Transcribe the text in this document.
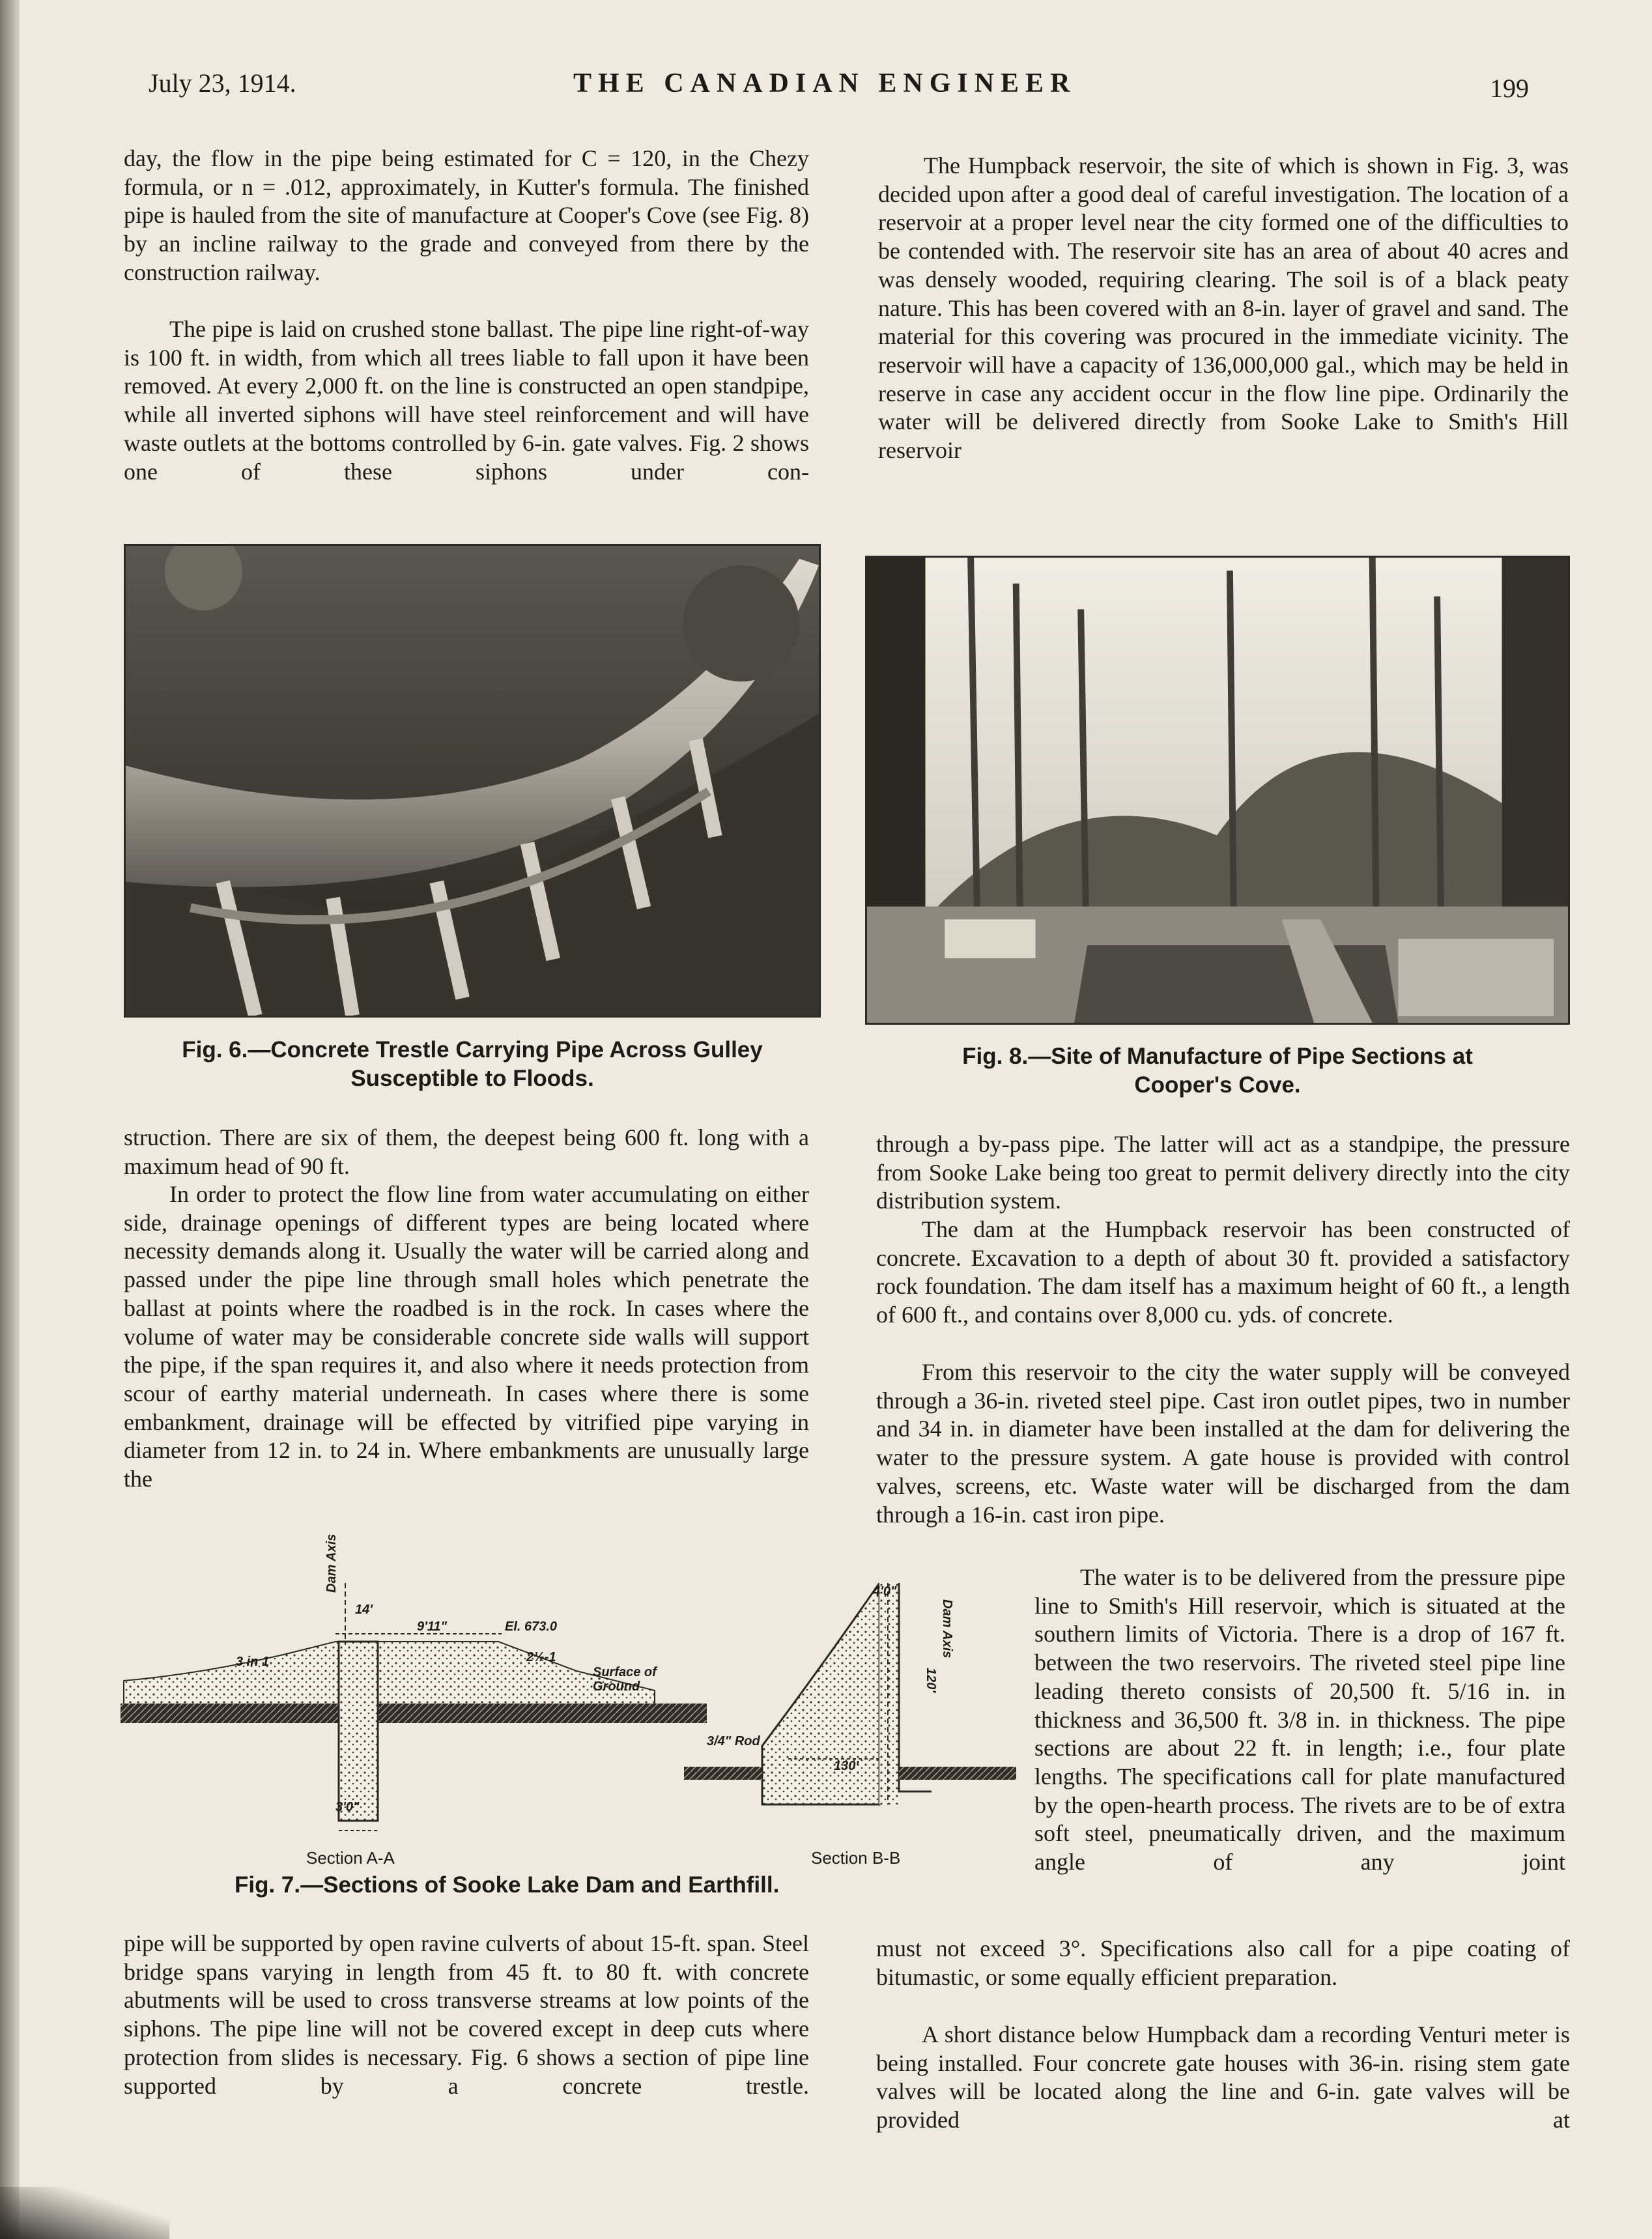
July 23, 1914.	THE CANADIAN ENGINEER	199

day, the flow in the pipe being estimated for C = 120, in the Chezy formula, or n = .012, approximately, in Kutter's formula. The finished pipe is hauled from the site of manufacture at Cooper's Cove (see Fig. 8) by an incline railway to the grade and conveyed from there by the construction railway.

The pipe is laid on crushed stone ballast. The pipe line right-of-way is 100 ft. in width, from which all trees liable to fall upon it have been removed. At every 2,000 ft. on the line is constructed an open standpipe, while all inverted siphons will have steel reinforcement and will have waste outlets at the bottoms controlled by 6-in. gate valves. Fig. 2 shows one of these siphons under con-

The Humpback reservoir, the site of which is shown in Fig. 3, was decided upon after a good deal of careful investigation. The location of a reservoir at a proper level near the city formed one of the difficulties to be contended with. The reservoir site has an area of about 40 acres and was densely wooded, requiring clearing. The soil is of a black peaty nature. This has been covered with an 8-in. layer of gravel and sand. The material for this covering was procured in the immediate vicinity. The reservoir will have a capacity of 136,000,000 gal., which may be held in reserve in case any accident occur in the flow line pipe. Ordinarily the water will be delivered directly from Sooke Lake to Smith's Hill reservoir

Fig. 6.—Concrete Trestle Carrying Pipe Across Gulley
Susceptible to Floods.
Fig. 8.—Site of Manufacture of Pipe Sections at
Cooper's Cove.

struction. There are six of them, the deepest being 600 ft. long with a maximum head of 90 ft.

In order to protect the flow line from water accumulating on either side, drainage openings of different types are being located where necessity demands along it. Usually the water will be carried along and passed under the pipe line through small holes which penetrate the ballast at points where the roadbed is in the rock. In cases where the volume of water may be considerable concrete side walls will support the pipe, if the span requires it, and also where it needs protection from scour of earthy material underneath. In cases where there is some embankment, drainage will be effected by vitrified pipe varying in diameter from 12 in. to 24 in. Where embankments are unusually large the

through a by-pass pipe. The latter will act as a standpipe, the pressure from Sooke Lake being too great to permit delivery directly into the city distribution system.

The dam at the Humpback reservoir has been constructed of concrete. Excavation to a depth of about 30 ft. provided a satisfactory rock foundation. The dam itself has a maximum height of 60 ft., a length of 600 ft., and contains over 8,000 cu. yds. of concrete.

From this reservoir to the city the water supply will be conveyed through a 36-in. riveted steel pipe. Cast iron outlet pipes, two in number and 34 in. in diameter have been installed at the dam for delivering the water to the pressure system. A gate house is provided with control valves, screens, etc. Waste water will be discharged from the dam through a 16-in. cast iron pipe.

The water is to be delivered from the pressure pipe line to Smith's Hill reservoir, which is situated at the southern limits of Victoria. There is a drop of 167 ft. between the two reservoirs. The riveted steel pipe line leading thereto consists of 20,500 ft. 5/16 in. in thickness and 36,500 ft. 3/8 in. in thickness. The pipe sections are about 22 ft. in length; i.e., four plate lengths. The specifications call for plate manufactured by the open-hearth process. The rivets are to be of extra soft steel, pneumatically driven, and the maximum angle of any joint

Dam Axis
14'
9'11"	El. 673.0
3 in 1	2½-1
Surface of Ground
3'0"
Section A-A
4'0"
Dam Axis
120'
3/4" Rod
130'
Section B-B
Fig. 7.—Sections of Sooke Lake Dam and Earthfill.

pipe will be supported by open ravine culverts of about 15-ft. span. Steel bridge spans varying in length from 45 ft. to 80 ft. with concrete abutments will be used to cross transverse streams at low points of the siphons. The pipe line will not be covered except in deep cuts where protection from slides is necessary. Fig. 6 shows a section of pipe line supported by a concrete trestle.

must not exceed 3°. Specifications also call for a pipe coating of bitumastic, or some equally efficient preparation.

A short distance below Humpback dam a recording Venturi meter is being installed. Four concrete gate houses with 36-in. rising stem gate valves will be located along the line and 6-in. gate valves will be provided at
